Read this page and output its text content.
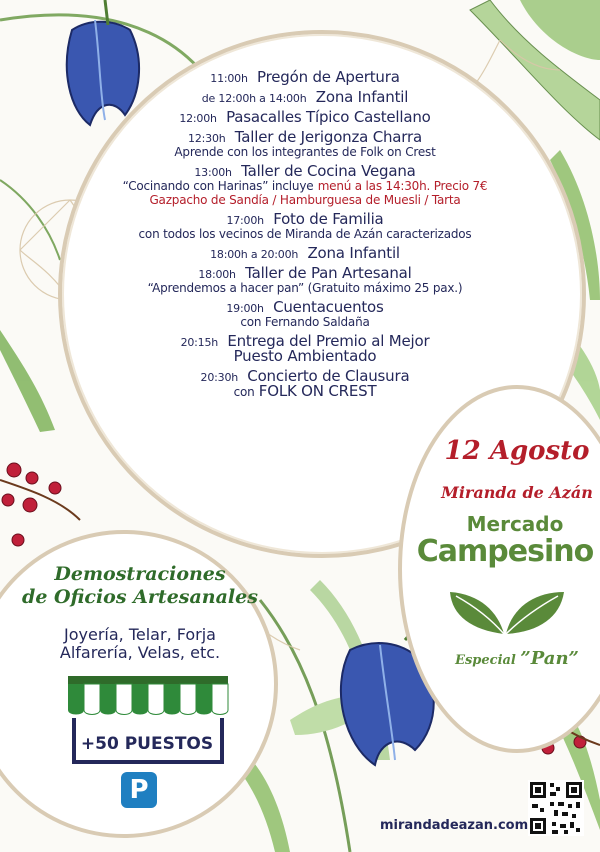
11:00h Pregón de Apertura
de 12:00h a 14:00h Zona Infantil
12:00h Pasacalles Típico Castellano
12:30h Taller de Jerigonza Charra
Aprende con los integrantes de Folk on Crest
13:00h Taller de Cocina Vegana
“Cocinando con Harinas” incluye menú a las 14:30h. Precio 7€
Gazpacho de Sandía / Hamburguesa de Muesli / Tarta
17:00h Foto de Familia
con todos los vecinos de Miranda de Azán caracterizados
18:00h a 20:00h Zona Infantil
18:00h Taller de Pan Artesanal
“Aprendemos a hacer pan” (Gratuito máximo 25 pax.)
19:00h Cuentacuentos
con Fernando Saldaña
20:15h Entrega del Premio al Mejor
Puesto Ambientado
20:30h Concierto de Clausura
con FOLK ON CREST
12 Agosto
Miranda de Azán
Mercado
Campesino
Especial ”Pan”
Demostraciones
de Oficios Artesanales
Joyería, Telar, Forja
Alfarería, Velas, etc.
+50 PUESTOS
P
mirandadeazan.com
